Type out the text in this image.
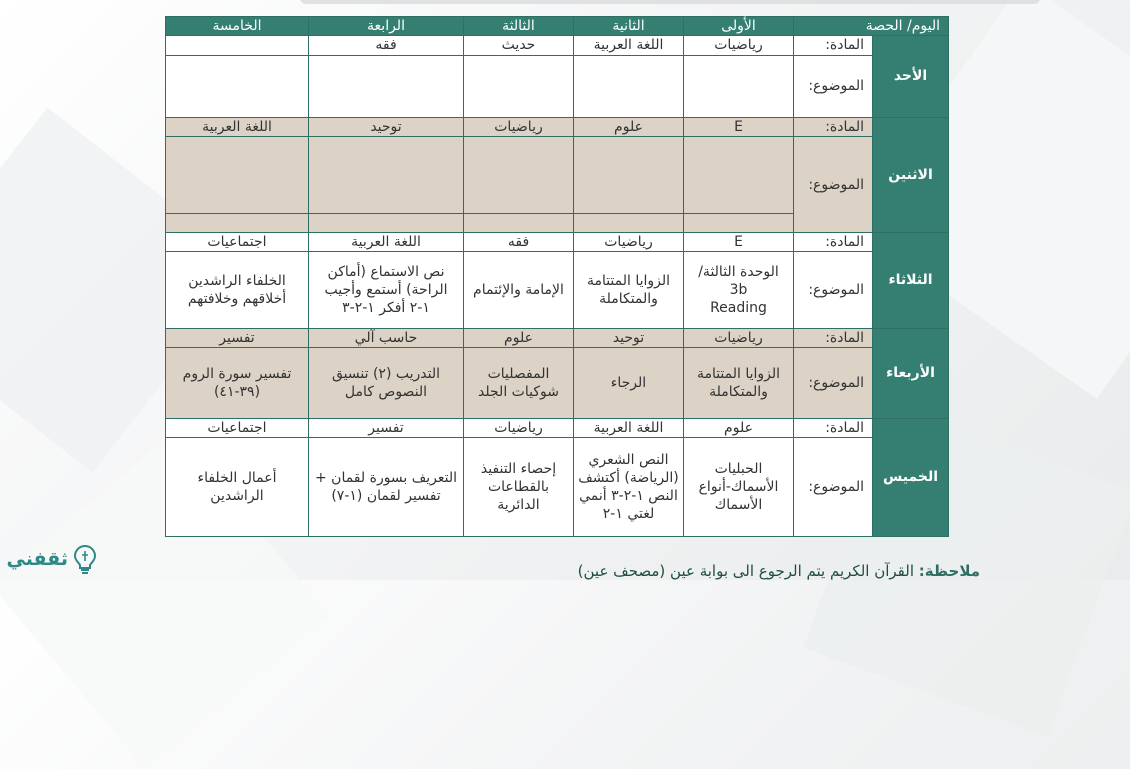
اليوم/ الحصة		الأولى	الثانية	الثالثة	الرابعة	الخامسة
الأحد	المادة:	رياضيات	اللغة العربية	حديث	فقه	
	الموضوع:					
الاثنين	المادة:	E	علوم	رياضيات	توحيد	اللغة العربية
	الموضوع:					

الثلاثاء	المادة:	E	رياضيات	فقه	اللغة العربية	اجتماعيات
	الموضوع:	الوحدة الثالثة/
3b
Reading	الزوايا المتتامة والمتكاملة	الإمامة والإئتمام	نص الاستماع (أماكن الراحة) أستمع وأجيب ١-٢ أفكر ١-٢-٣	الخلفاء الراشدين أخلاقهم وخلافتهم
الأربعاء	المادة:	رياضيات	توحيد	علوم	حاسب آلي	تفسير
	الموضوع:	الزوايا المتتامة والمتكاملة	الرجاء	المفصليات شوكيات الجلد	التدريب (٢) تنسيق النصوص كامل	تفسير سورة الروم (٣٩-٤١)
الخميس	المادة:	علوم	اللغة العربية	رياضيات	تفسير	اجتماعيات
	الموضوع:	الحبليات الأسماك-أنواع الأسماك	النص الشعري (الرياضة) أكتشف النص ١-٢-٣ أنمي لغتي ١-٢	إحصاء التنفيذ بالقطاعات الدائرية	التعريف بسورة لقمان + تفسير لقمان (١-٧)	أعمال الخلفاء الراشدين
ملاحظة: القرآن الكريم يتم الرجوع الى بوابة عين (مصحف عين)
ثقفني
